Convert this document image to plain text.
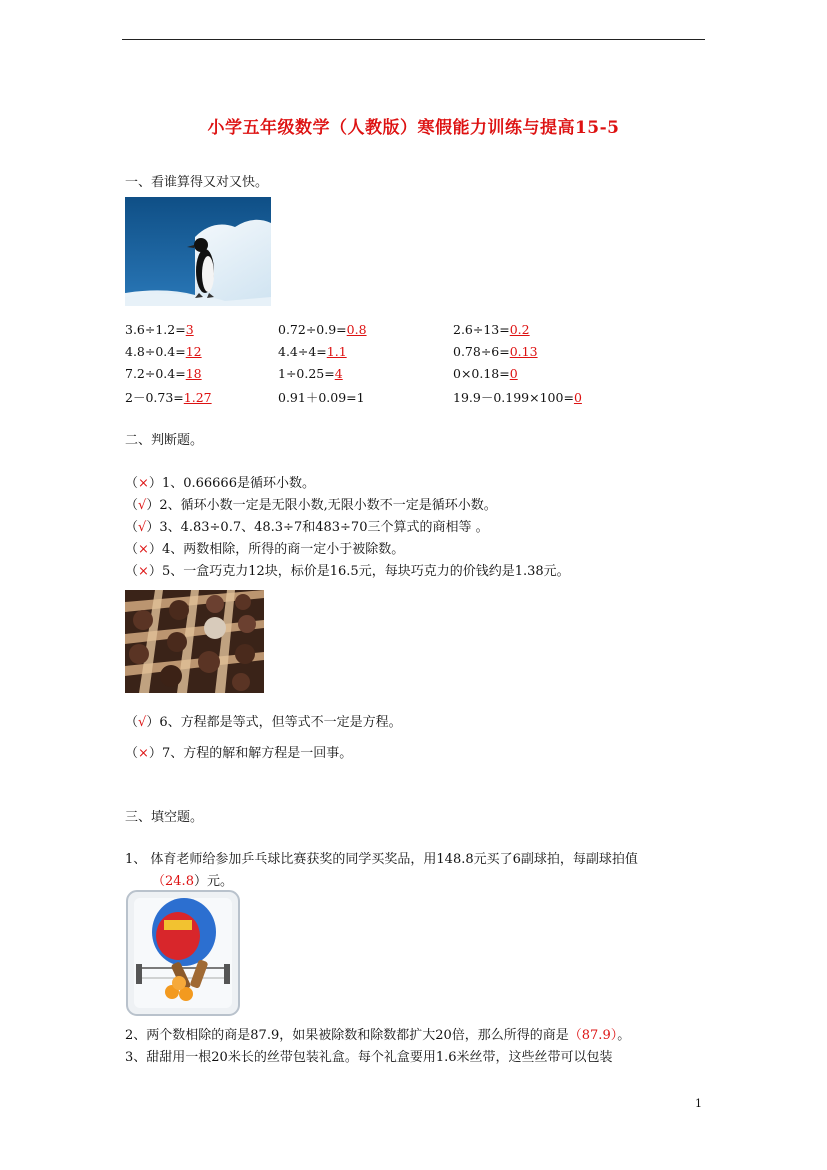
小学五年级数学（人教版）寒假能力训练与提高15-5
一、看谁算得又对又快。
3.6÷1.2=3	0.72÷0.9=0.8	2.6÷13=0.2
4.8÷0.4=12	4.4÷4=1.1	0.78÷6=0.13
7.2÷0.4=18	1÷0.25=4	0×0.18=0
2－0.73=1.27	0.91＋0.09=1	19.9－0.199×100=0
二、判断题。
（×）1、0.66666是循环小数。
（√）2、循环小数一定是无限小数,无限小数不一定是循环小数。
（√）3、4.83÷0.7、48.3÷7和483÷70三个算式的商相等 。
（×）4、两数相除，所得的商一定小于被除数。
（×）5、一盒巧克力12块，标价是16.5元，每块巧克力的价钱约是1.38元。
（√）6、方程都是等式，但等式不一定是方程。
（×）7、方程的解和解方程是一回事。
三、填空题。
1、 体育老师给参加乒乓球比赛获奖的同学买奖品，用148.8元买了6副球拍，每副球拍值
（24.8）元。
2、两个数相除的商是87.9，如果被除数和除数都扩大20倍，那么所得的商是（87.9）。
3、甜甜用一根20米长的丝带包装礼盒。每个礼盒要用1.6米丝带，这些丝带可以包装
1
